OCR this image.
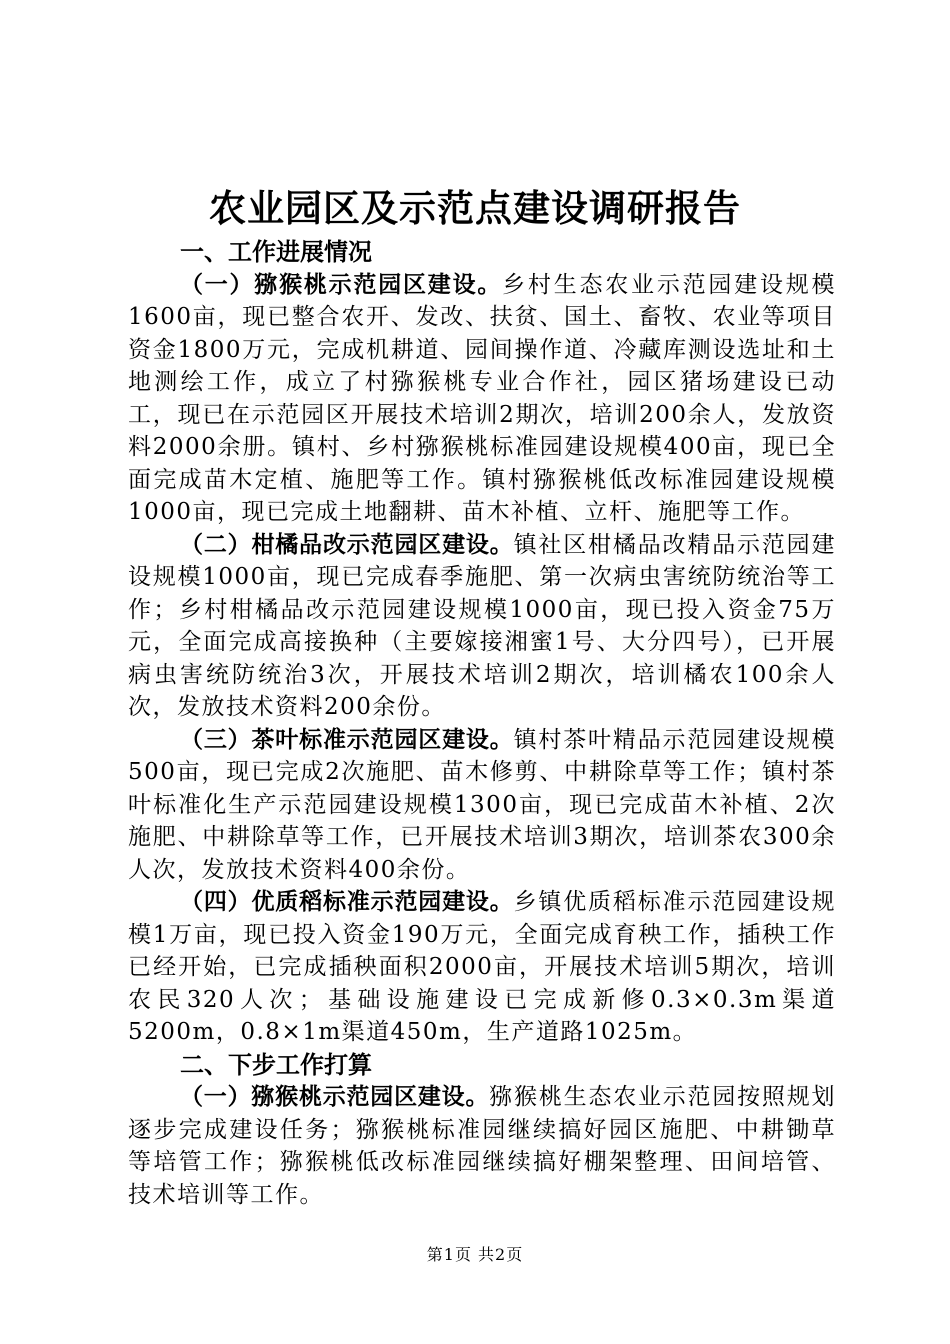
农业园区及示范点建设调研报告
一、工作进展情况

（一）猕猴桃示范园区建设。乡村生态农业示范园建设规模1600亩，现已整合农开、发改、扶贫、国土、畜牧、农业等项目资金1800万元，完成机耕道、园间操作道、冷藏库测设选址和土地测绘工作，成立了村猕猴桃专业合作社，园区猪场建设已动工，现已在示范园区开展技术培训2期次，培训200余人，发放资料2000余册。镇村、乡村猕猴桃标准园建设规模400亩，现已全面完成苗木定植、施肥等工作。镇村猕猴桃低改标准园建设规模1000亩，现已完成土地翻耕、苗木补植、立杆、施肥等工作。

（二）柑橘品改示范园区建设。镇社区柑橘品改精品示范园建设规模1000亩，现已完成春季施肥、第一次病虫害统防统治等工作；乡村柑橘品改示范园建设规模1000亩，现已投入资金75万元，全面完成高接换种（主要嫁接湘蜜1号、大分四号），已开展病虫害统防统治3次，开展技术培训2期次，培训橘农100余人次，发放技术资料200余份。

（三）茶叶标准示范园区建设。镇村茶叶精品示范园建设规模500亩，现已完成2次施肥、苗木修剪、中耕除草等工作；镇村茶叶标准化生产示范园建设规模1300亩，现已完成苗木补植、2次施肥、中耕除草等工作，已开展技术培训3期次，培训茶农300余人次，发放技术资料400余份。

（四）优质稻标准示范园建设。乡镇优质稻标准示范园建设规模1万亩，现已投入资金190万元，全面完成育秧工作，插秧工作已经开始，已完成插秧面积2000亩，开展技术培训5期次，培训农民320人次；基础设施建设已完成新修0.3×0.3m渠道5200m，0.8×1m渠道450m，生产道路1025m。

二、下步工作打算

（一）猕猴桃示范园区建设。猕猴桃生态农业示范园按照规划逐步完成建设任务；猕猴桃标准园继续搞好园区施肥、中耕锄草等培管工作；猕猴桃低改标准园继续搞好棚架整理、田间培管、技术培训等工作。

第1页 共2页
